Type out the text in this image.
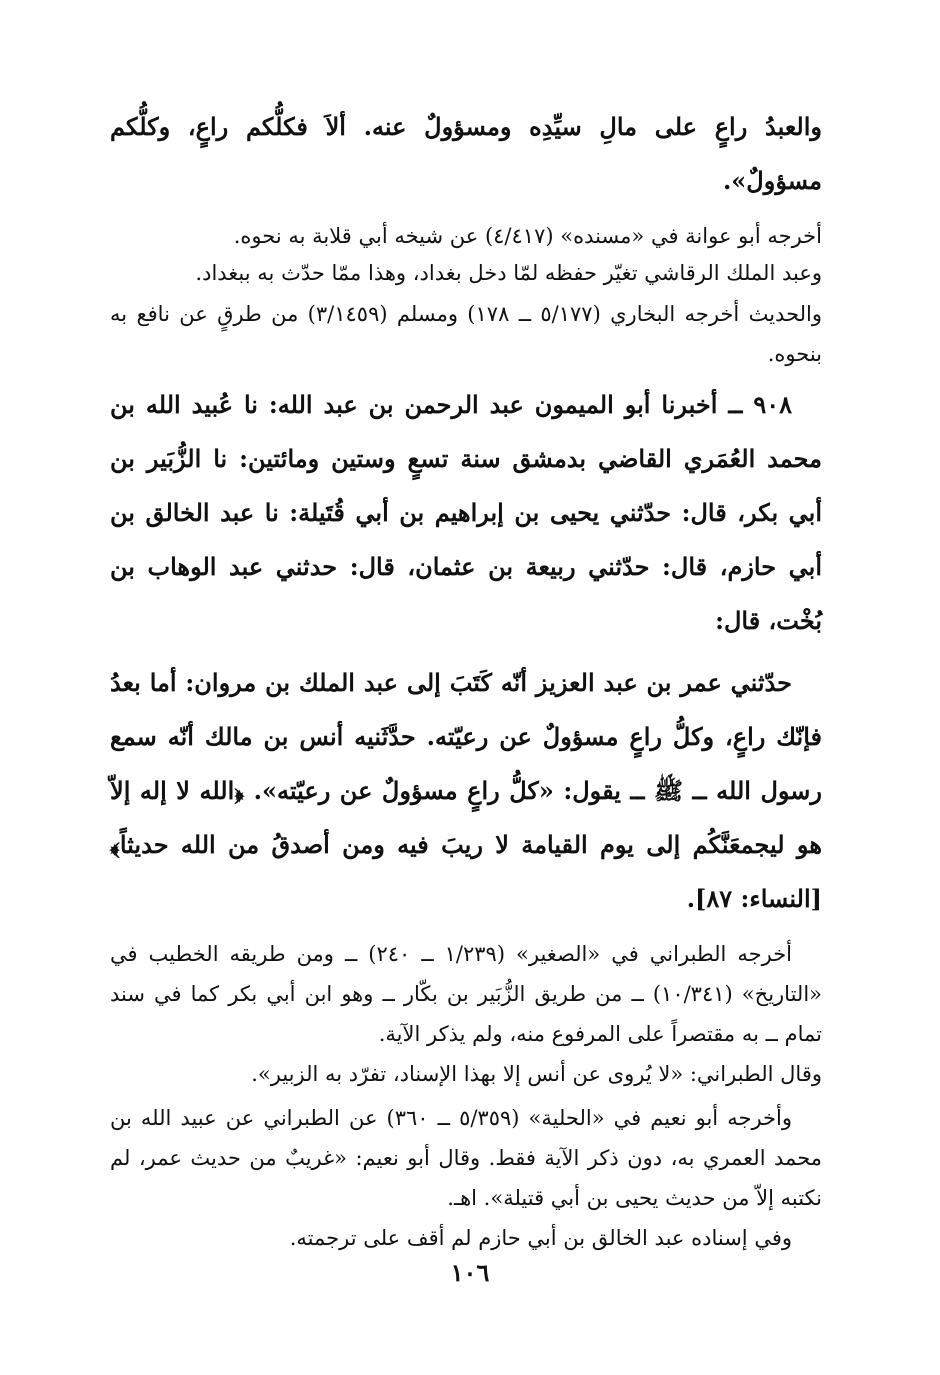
والعبدُ راعٍ على مالِ سيِّدِه ومسؤولٌ عنه. ألاَ فكلُّكم راعٍ، وكلُّكم مسؤولٌ».

أخرجه أبو عوانة في «مسنده» (٤/٤١٧) عن شيخه أبي قلابة به نحوه.

وعبد الملك الرقاشي تغيّر حفظه لمّا دخل بغداد، وهذا ممّا حدّث به ببغداد.

والحديث أخرجه البخاري (٥/١٧٧ ــ ١٧٨) ومسلم (٣/١٤٥٩) من طرقٍ عن نافع به بنحوه.

٩٠٨ ــ أخبرنا أبو الميمون عبد الرحمن بن عبد الله: نا عُبيد الله بن محمد العُمَري القاضي بدمشق سنة تسعٍ وستين ومائتين: نا الزُّبَير بن أبي بكر، قال: حدّثني يحيى بن إبراهيم بن أبي قُتَيلة: نا عبد الخالق بن أبي حازم، قال: حدّثني ربيعة بن عثمان، قال: حدثني عبد الوهاب بن بُخْت، قال:

حدّثني عمر بن عبد العزيز أنّه كَتَبَ إلى عبد الملك بن مروان: أما بعدُ فإنّك راعٍ، وكلُّ راعٍ مسؤولٌ عن رعيّته. حدَّثَنيه أنس بن مالك أنّه سمع رسول الله ــ ﷺ ــ يقول: «كلُّ راعٍ مسؤولٌ عن رعيّته». ﴿الله لا إله إلاّ هو ليجمعَنَّكُم إلى يوم القيامة لا ريبَ فيه ومن أصدقُ من الله حديثاً﴾ [النساء: ٨٧].

أخرجه الطبراني في «الصغير» (١/٢٣٩ ــ ٢٤٠) ــ ومن طريقه الخطيب في «التاريخ» (١٠/٣٤١) ــ من طريق الزُّبَير بن بكّار ــ وهو ابن أبي بكر كما في سند تمام ــ به مقتصراً على المرفوع منه، ولم يذكر الآية.

وقال الطبراني: «لا يُروى عن أنس إلا بهذا الإسناد، تفرّد به الزبير».

وأخرجه أبو نعيم في «الحلية» (٥/٣٥٩ ــ ٣٦٠) عن الطبراني عن عبيد الله بن محمد العمري به، دون ذكر الآية فقط. وقال أبو نعيم: «غريبٌ من حديث عمر، لم نكتبه إلاّ من حديث يحيى بن أبي قتيلة». اهـ.

وفي إسناده عبد الخالق بن أبي حازم لم أقف على ترجمته.

١٠٦
